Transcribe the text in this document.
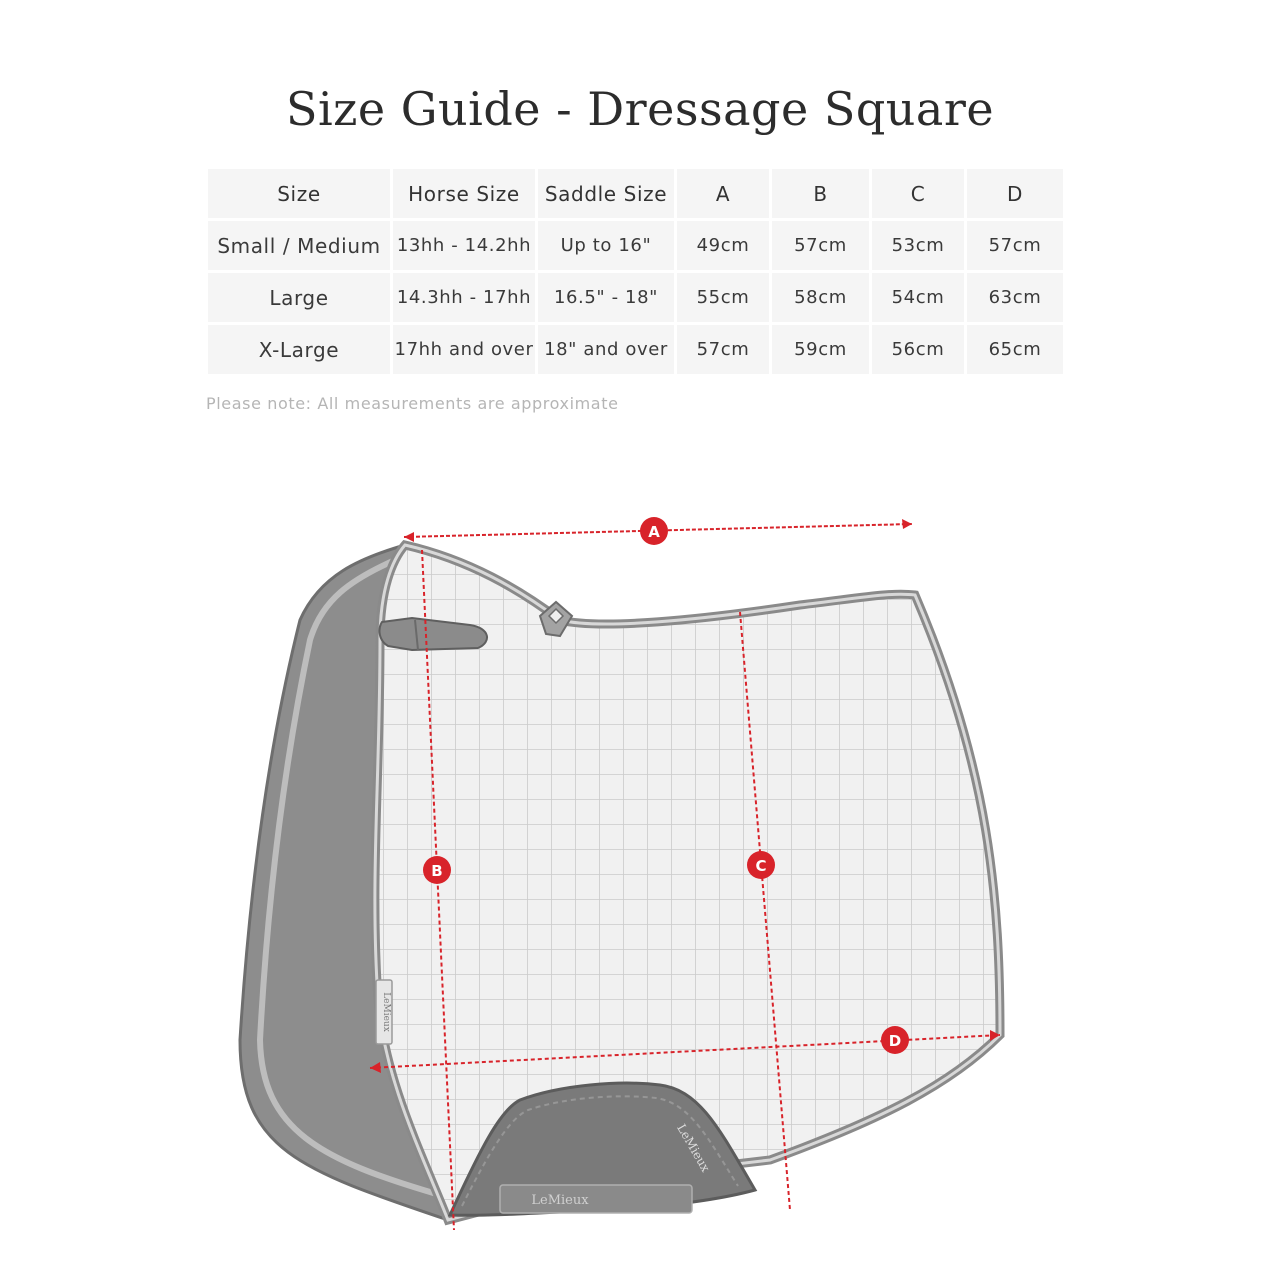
Size Guide - Dressage Square
Size	Horse Size	Saddle Size	A	B	C	D
Small / Medium	13hh - 14.2hh	Up to 16"	49cm	57cm	53cm	57cm
Large	14.3hh - 17hh	16.5" - 18"	55cm	58cm	54cm	63cm
X-Large	17hh and over	18" and over	57cm	59cm	56cm	65cm
Please note: All measurements are approximate
LeMieux
LeMieux
LeMieux
A
B	C
D
